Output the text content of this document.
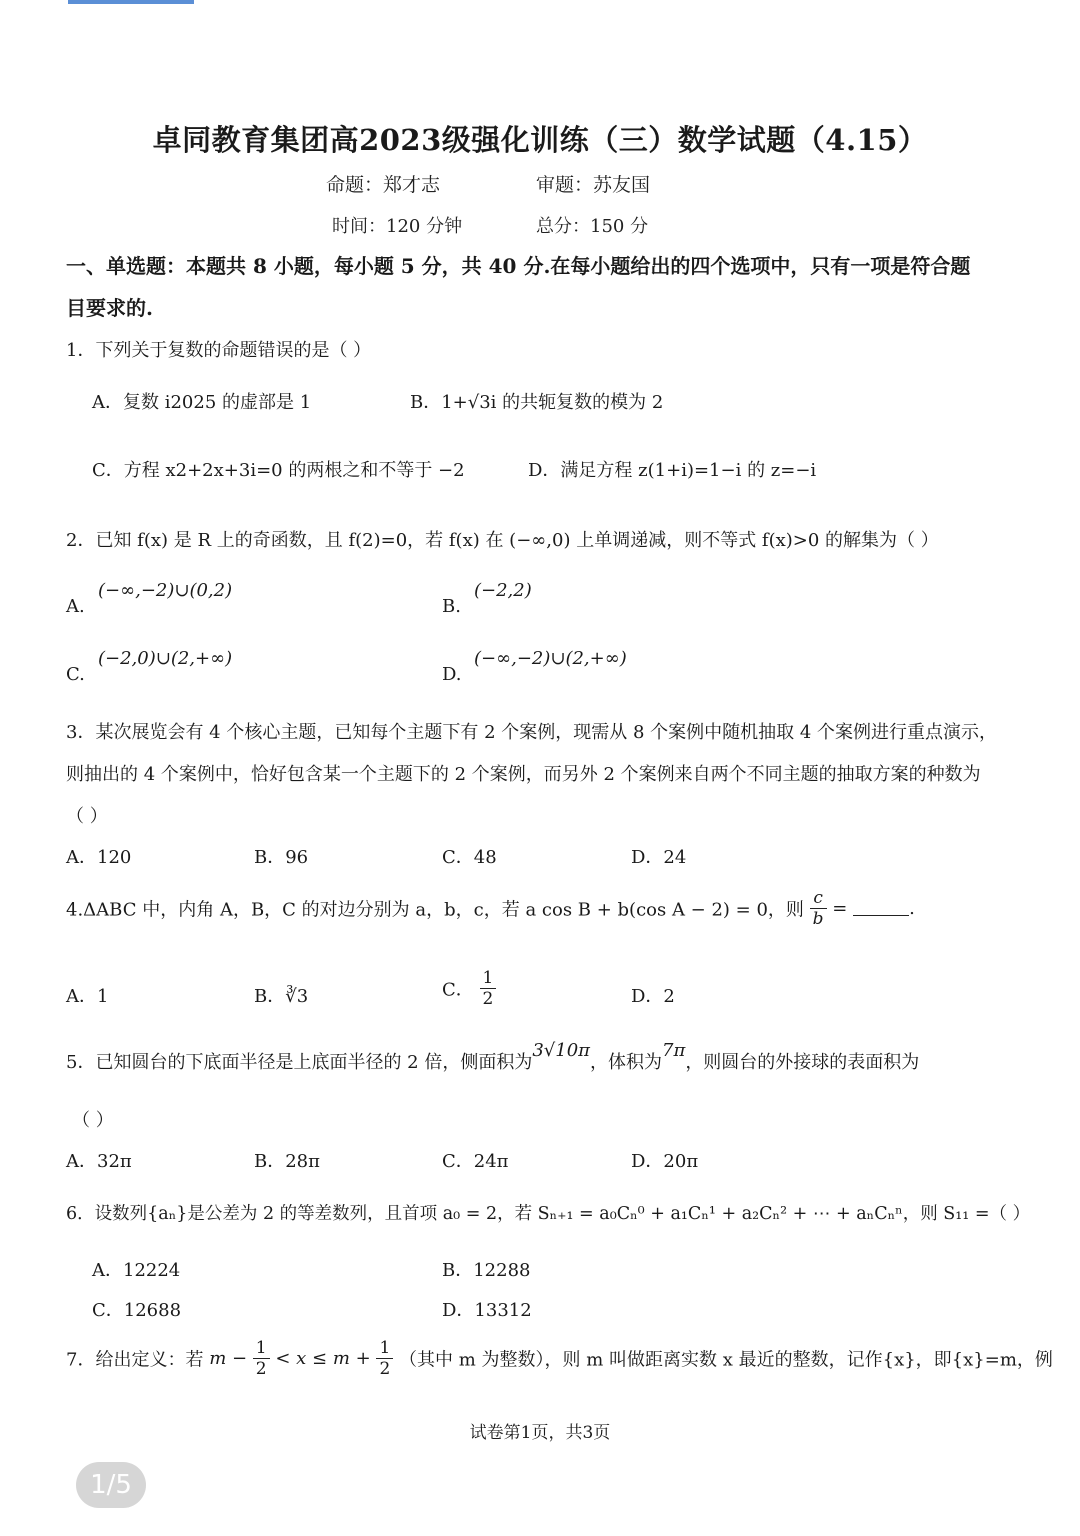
卓同教育集团高2023级强化训练（三）数学试题（4.15）
命题：郑才志	审题：苏友国
时间：120 分钟	总分：150 分
一、单选题：本题共 8 小题，每小题 5 分，共 40 分.在每小题给出的四个选项中，只有一项是符合题
目要求的.
1．下列关于复数的命题错误的是（ ）
A．复数 i2025 的虚部是 1	B．1+√3i 的共轭复数的模为 2
C．方程 x2+2x+3i=0 的两根之和不等于 −2	D．满足方程 z(1+i)=1−i 的 z=−i
2．已知 f(x) 是 R 上的奇函数，且 f(2)=0，若 f(x) 在 (−∞,0) 上单调递减，则不等式 f(x)>0 的解集为（ ）
A.
(−∞,−2)∪(0,2)
B.
(−2,2)
C.
(−2,0)∪(2,+∞)
D.
(−∞,−2)∪(2,+∞)
3．某次展览会有 4 个核心主题，已知每个主题下有 2 个案例，现需从 8 个案例中随机抽取 4 个案例进行重点演示，
则抽出的 4 个案例中，恰好包含某一个主题下的 2 个案例，而另外 2 个案例来自两个不同主题的抽取方案的种数为
（ ）
A．120	B．96	C．48	D．24
4.ΔABC 中，内角 A，B，C 的对边分别为 a，b，c，若 a cos B + b(cos A − 2) = 0，则 $\frac{c}{b}$ =	.
A．1	B．∛3	C． $\frac{1}{2}$	D．2
5．已知圆台的下底面半径是上底面半径的 2 倍，侧面积为3√10π，体积为7π，则圆台的外接球的表面积为
（ ）
A．32π	B．28π	C．24π	D．20π
6．设数列{aₙ}是公差为 2 的等差数列，且首项 a₀ = 2，若 Sₙ₊₁ = a₀Cₙ⁰ + a₁Cₙ¹ + a₂Cₙ² + ⋯ + aₙCₙⁿ，则 S₁₁ =（ ）
A．12224	B．12288
C．12688	D．13312
7．给出定义：若 $m - \frac{1}{2} < x \le m + \frac{1}{2}$ （其中 m 为整数），则 m 叫做距离实数 x 最近的整数，记作{x}，即{x}=m，例
试卷第1页，共3页
1/5
